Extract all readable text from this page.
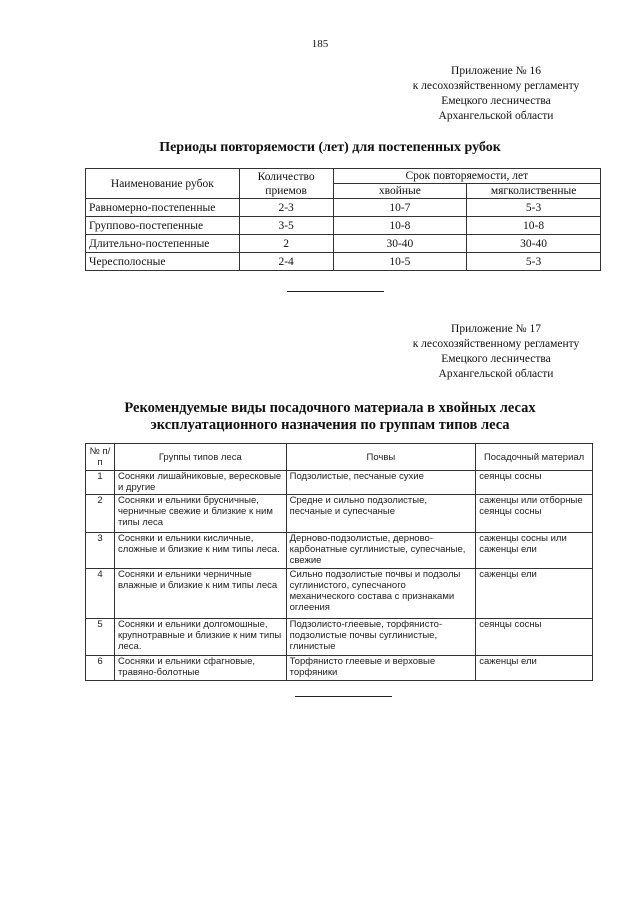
185
Приложение № 16
к лесохозяйственному регламенту
Емецкого лесничества
Архангельской области
Периоды повторяемости (лет) для постепенных рубок
Наименование рубок	Количество приемов	Срок повторяемости, лет	
		хвойные	мягколиственные
Равномерно-постепенные	2-3	10-7	5-3
Группово-постепенные	3-5	10-8	10-8
Длительно-постепенные	2	30-40	30-40
Чересполосные	2-4	10-5	5-3
Приложение № 17
к лесохозяйственному регламенту
Емецкого лесничества
Архангельской области
Рекомендуемые виды посадочного материала в хвойных лесах
эксплуатационного назначения по группам типов леса
№ п/п	Группы типов леса	Почвы	Посадочный материал
1	Сосняки лишайниковые, вересковые и другие	Подзолистые, песчаные сухие	сеянцы сосны
2	Сосняки и ельники брусничные, черничные свежие и близкие к ним типы леса	Средне и сильно подзолистые, песчаные и супесчаные	саженцы или отборные сеянцы сосны
3	Сосняки и ельники кисличные, сложные и близкие к ним типы леса.	Дерново-подзолистые, дерново-карбонатные суглинистые, супесчаные, свежие	саженцы сосны или саженцы ели
4	Сосняки и ельники черничные влажные и близкие к ним типы леса	Сильно подзолистые почвы и подзолы суглинистого, супесчаного механического состава с признаками оглеения	саженцы ели
5	Сосняки и ельники долгомошные, крупнотравные и близкие к ним типы леса.	Подзолисто-глеевые, торфянисто-подзолистые почвы суглинистые, глинистые	сеянцы сосны
6	Сосняки и ельники сфагновые, травяно-болотные	Торфянисто глеевые и верховые торфяники	саженцы ели
